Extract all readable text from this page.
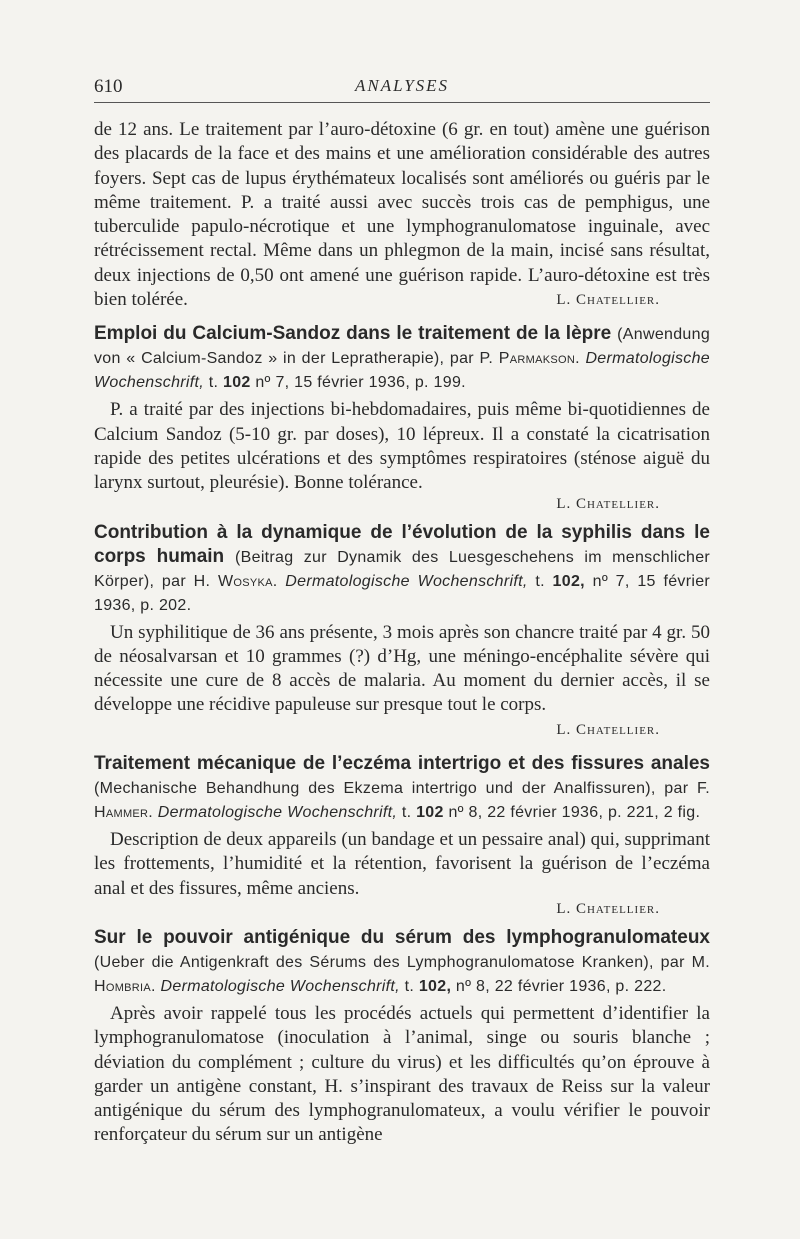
610	ANALYSES

de 12 ans. Le traitement par l’auro-détoxine (6 gr. en tout) amène une guérison des placards de la face et des mains et une amélioration considérable des autres foyers. Sept cas de lupus érythémateux localisés sont améliorés ou guéris par le même traitement. P. a traité aussi avec succès trois cas de pemphigus, une tuberculide papulo-nécrotique et une lymphogranulomatose inguinale, avec rétrécissement rectal. Même dans un phlegmon de la main, incisé sans résultat, deux injections de 0,50 ont amené une guérison rapide. L’auro-détoxine est très bien tolérée.	L. Chatellier.

Emploi du Calcium-Sandoz dans le traitement de la lèpre (Anwendung von « Calcium-Sandoz » in der Lepratherapie), par P. Parmakson. Dermatologische Wochenschrift, t. 102 nº 7, 15 février 1936, p. 199.

P. a traité par des injections bi-hebdomadaires, puis même bi-quotidiennes de Calcium Sandoz (5-10 gr. par doses), 10 lépreux. Il a constaté la cicatrisation rapide des petites ulcérations et des symptômes respiratoires (sténose aiguë du larynx surtout, pleurésie). Bonne tolérance.

L. Chatellier.
Contribution à la dynamique de l’évolution de la syphilis dans le corps humain (Beitrag zur Dynamik des Luesgeschehens im menschlicher Körper), par H. Wosyka. Dermatologische Wochenschrift, t. 102, nº 7, 15 février 1936, p. 202.

Un syphilitique de 36 ans présente, 3 mois après son chancre traité par 4 gr. 50 de néosalvarsan et 10 grammes (?) d’Hg, une méningo-encéphalite sévère qui nécessite une cure de 8 accès de malaria. Au moment du dernier accès, il se développe une récidive papuleuse sur presque tout le corps.
L. Chatellier.

Traitement mécanique de l’eczéma intertrigo et des fissures anales (Mechanische Behandhung des Ekzema intertrigo und der Analfissuren), par F. Hammer. Dermatologische Wochenschrift, t. 102 nº 8, 22 février 1936, p. 221, 2 fig.

Description de deux appareils (un bandage et un pessaire anal) qui, supprimant les frottements, l’humidité et la rétention, favorisent la guérison de l’eczéma anal et des fissures, même anciens.

L. Chatellier.
Sur le pouvoir antigénique du sérum des lymphogranulomateux (Ueber die Antigenkraft des Sérums des Lymphogranulomatose Kranken), par M. Hombria. Dermatologische Wochenschrift, t. 102, nº 8, 22 février 1936, p. 222.

Après avoir rappelé tous les procédés actuels qui permettent d’identifier la lymphogranulomatose (inoculation à l’animal, singe ou souris blanche ; déviation du complément ; culture du virus) et les difficultés qu’on éprouve à garder un antigène constant, H. s’inspirant des travaux de Reiss sur la valeur antigénique du sérum des lymphogranulomateux, a voulu vérifier le pouvoir renforçateur du sérum sur un antigène
